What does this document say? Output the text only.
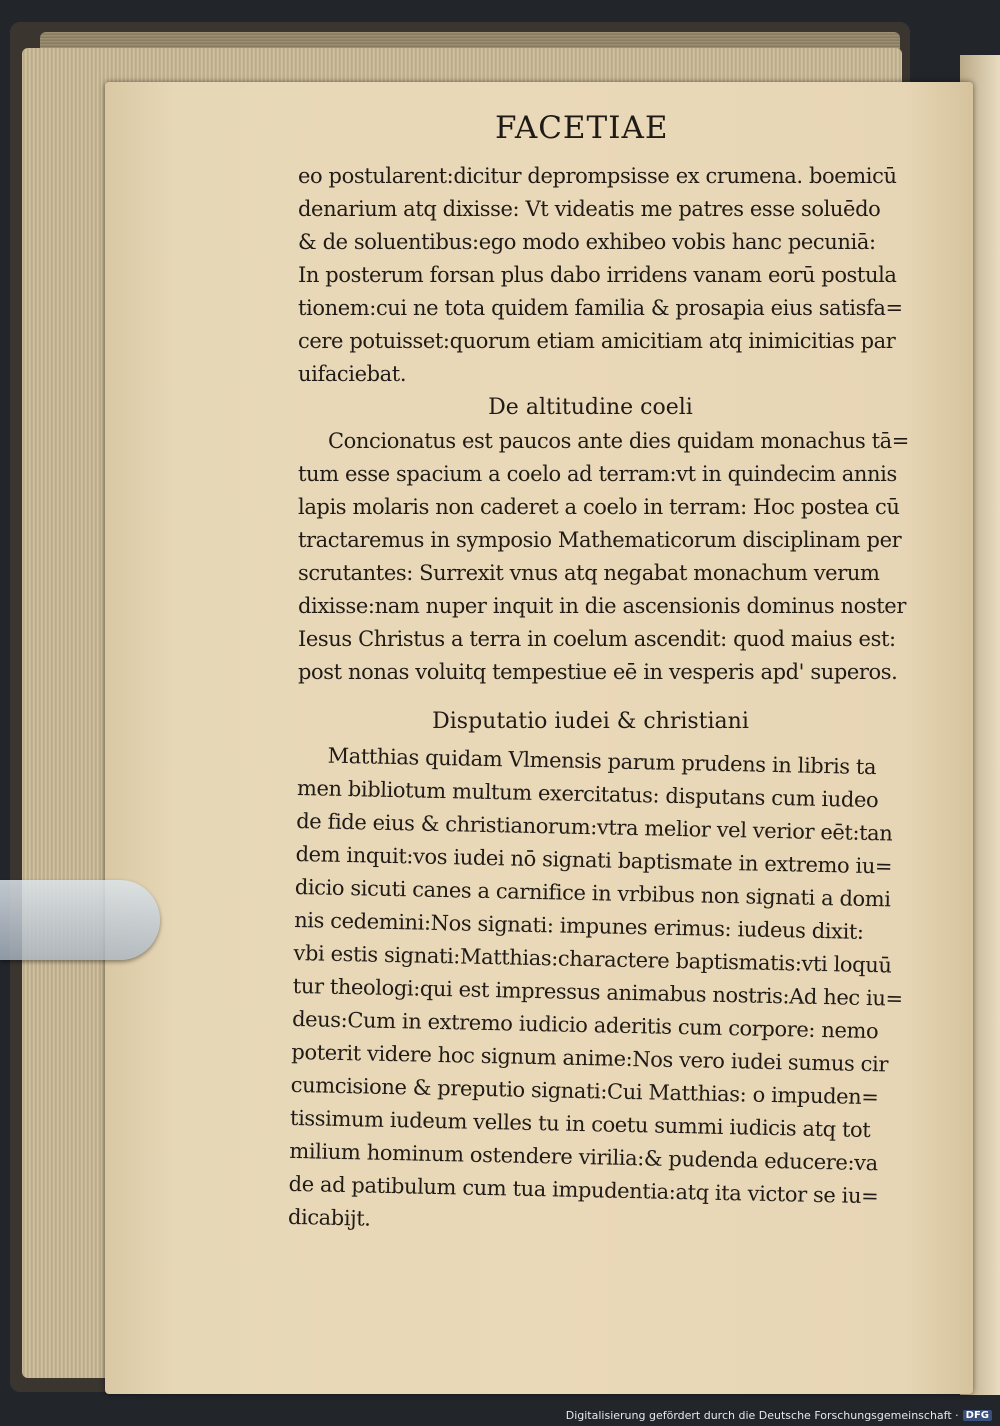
FACETIAE
eo postularent:dicitur deprompsisse ex crumena. boemicū
denarium atq dixisse: Vt videatis me patres esse soluēdo
& de soluentibus:ego modo exhibeo vobis hanc pecuniā:
In posterum forsan plus dabo irridens vanam eorū postula
tionem:cui ne tota quidem familia & prosapia eius satisfa=
cere potuisset:quorum etiam amicitiam atq inimicitias par
uifaciebat.
De altitudine coeli
Concionatus est paucos ante dies quidam monachus tā=
tum esse spacium a coelo ad terram:vt in quindecim annis
lapis molaris non caderet a coelo in terram: Hoc postea cū
tractaremus in symposio Mathematicorum disciplinam per
scrutantes: Surrexit vnus atq negabat monachum verum
dixisse:nam nuper inquit in die ascensionis dominus noster
Iesus Christus a terra in coelum ascendit: quod maius est:
post nonas voluitq tempestiue eē in vesperis apd' superos.
Disputatio iudei & christiani
Matthias quidam Vlmensis parum prudens in libris ta
men bibliotum multum exercitatus: disputans cum iudeo
de fide eius & christianorum:vtra melior vel verior eēt:tan
dem inquit:vos iudei nō signati baptismate in extremo iu=
dicio sicuti canes a carnifice in vrbibus non signati a domi
nis cedemini:Nos signati: impunes erimus: iudeus dixit:
vbi estis signati:Matthias:charactere baptismatis:vti loquū
tur theologi:qui est impressus animabus nostris:Ad hec iu=
deus:Cum in extremo iudicio aderitis cum corpore: nemo
poterit videre hoc signum anime:Nos vero iudei sumus cir
cumcisione & preputio signati:Cui Matthias: o impuden=
tissimum iudeum velles tu in coetu summi iudicis atq tot
milium hominum ostendere virilia:& pudenda educere:va
de ad patibulum cum tua impudentia:atq ita victor se iu=
dicabijt.
Digitalisierung gefördert durch die Deutsche Forschungsgemeinschaft · DFG
